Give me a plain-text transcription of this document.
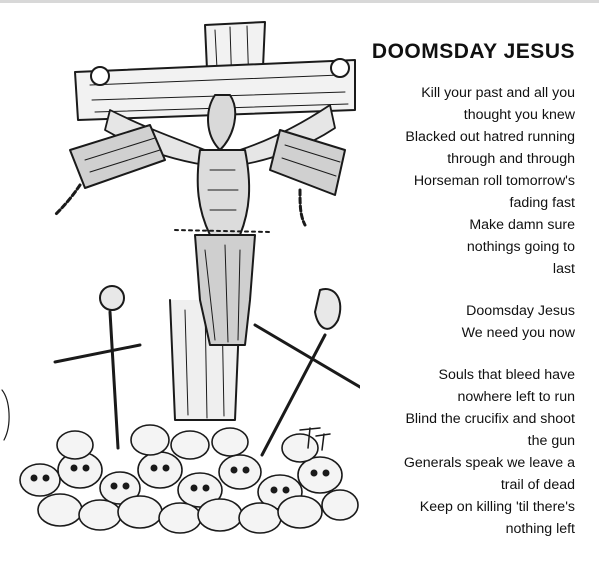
DOOMSDAY JESUS
Kill your past and all you
thought you knew
Blacked out hatred running
through and through
Horseman roll tomorrow's
fading fast
Make damn sure
nothings going to
last
Doomsday Jesus
We need you now
Souls that bleed have
nowhere left to run
Blind the crucifix and shoot
the gun
Generals speak we leave a
trail of dead
Keep on killing 'til there's
nothing left
